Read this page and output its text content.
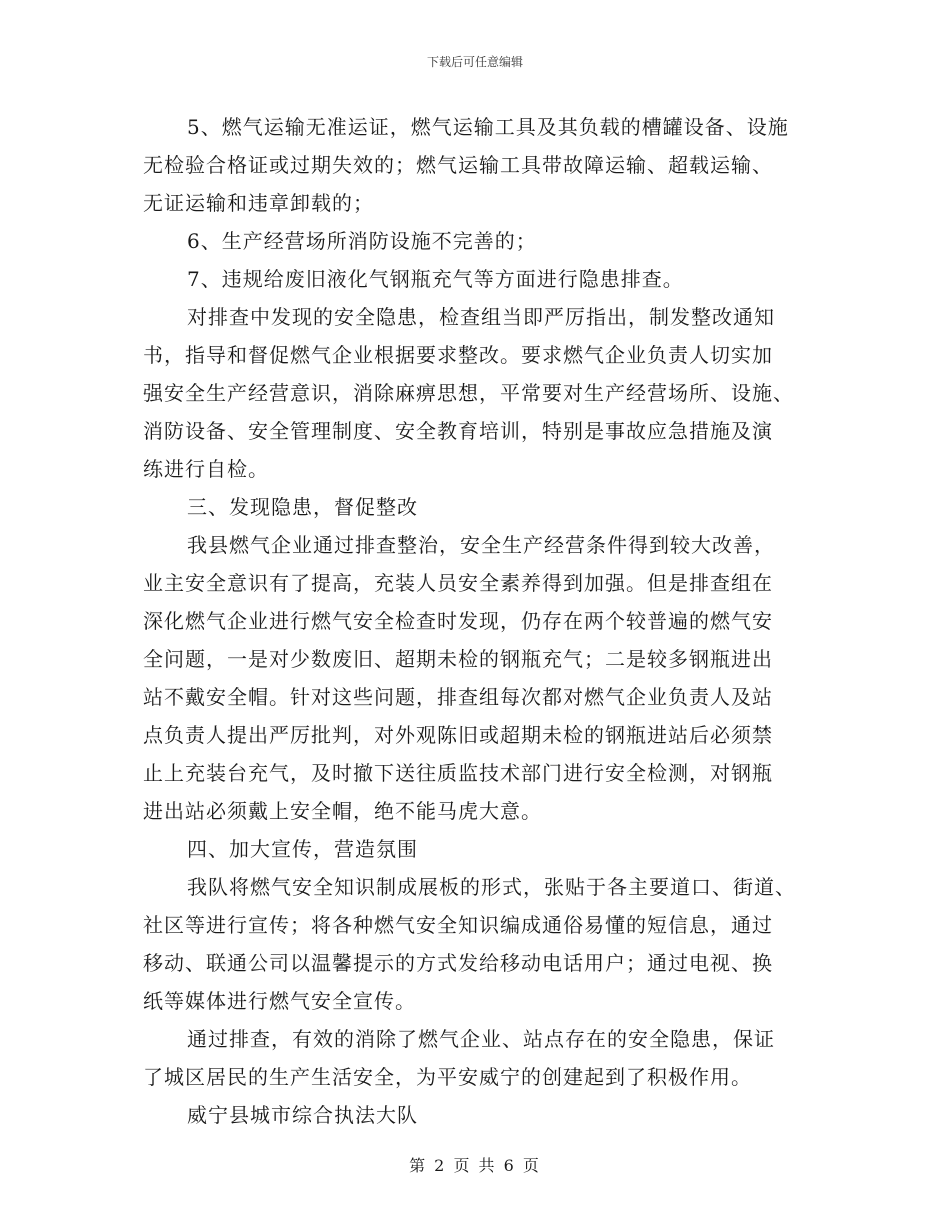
下载后可任意编辑
5、燃气运输无准运证，燃气运输工具及其负载的槽罐设备、设施
无检验合格证或过期失效的；燃气运输工具带故障运输、超载运输、
无证运输和违章卸载的；
6、生产经营场所消防设施不完善的；
7、违规给废旧液化气钢瓶充气等方面进行隐患排查。
对排查中发现的安全隐患，检查组当即严厉指出，制发整改通知
书，指导和督促燃气企业根据要求整改。要求燃气企业负责人切实加
强安全生产经营意识，消除麻痹思想，平常要对生产经营场所、设施、
消防设备、安全管理制度、安全教育培训，特别是事故应急措施及演
练进行自检。
三、发现隐患，督促整改
我县燃气企业通过排查整治，安全生产经营条件得到较大改善，
业主安全意识有了提高，充装人员安全素养得到加强。但是排查组在
深化燃气企业进行燃气安全检查时发现，仍存在两个较普遍的燃气安
全问题，一是对少数废旧、超期未检的钢瓶充气；二是较多钢瓶进出
站不戴安全帽。针对这些问题，排查组每次都对燃气企业负责人及站
点负责人提出严厉批判，对外观陈旧或超期未检的钢瓶进站后必须禁
止上充装台充气，及时撤下送往质监技术部门进行安全检测，对钢瓶
进出站必须戴上安全帽，绝不能马虎大意。
四、加大宣传，营造氛围
我队将燃气安全知识制成展板的形式，张贴于各主要道口、街道、
社区等进行宣传；将各种燃气安全知识编成通俗易懂的短信息，通过
移动、联通公司以温馨提示的方式发给移动电话用户；通过电视、换
纸等媒体进行燃气安全宣传。
通过排查，有效的消除了燃气企业、站点存在的安全隐患，保证
了城区居民的生产生活安全，为平安威宁的创建起到了积极作用。
威宁县城市综合执法大队
第 2 页 共 6 页
